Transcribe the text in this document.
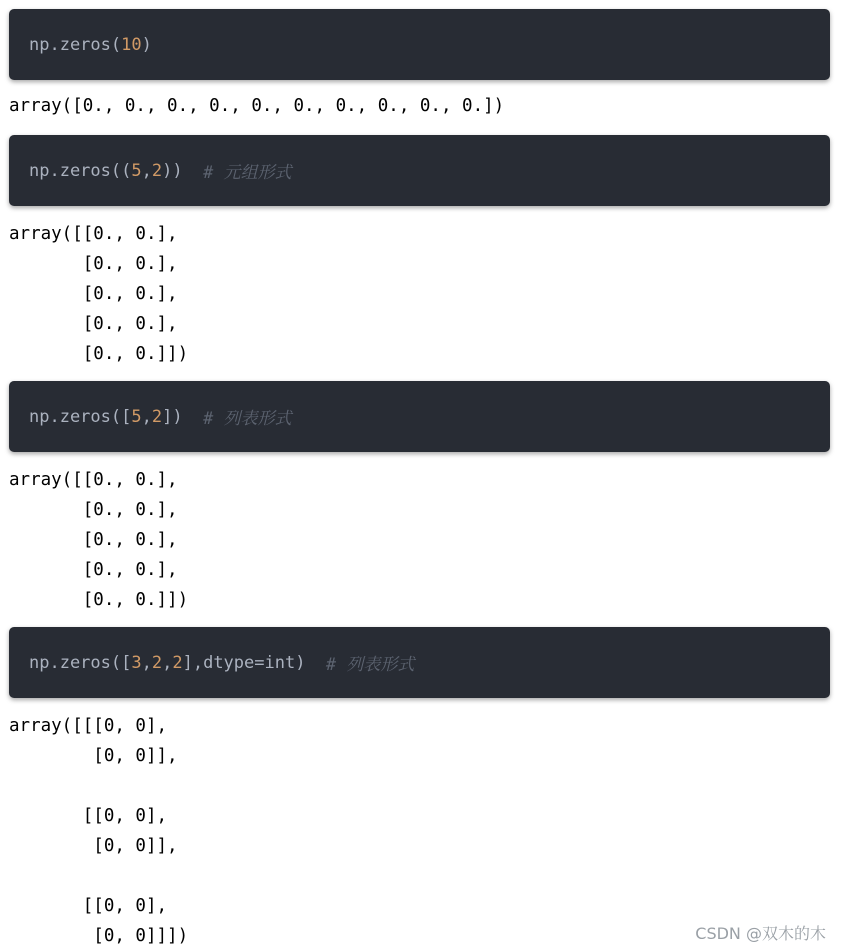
np.zeros( 10 )
array([0., 0., 0., 0., 0., 0., 0., 0., 0., 0.])
np.zeros(( 5 , 2 )) # 元组形式
array([[0., 0.],
[0., 0.],
[0., 0.],
[0., 0.],
[0., 0.]])
np.zeros([ 5 , 2 ]) # 列表形式
array([[0., 0.],
[0., 0.],
[0., 0.],
[0., 0.],
[0., 0.]])
np.zeros([ 3 , 2 , 2 ],dtype=int) # 列表形式
array([[[0, 0],
[0, 0]],

[[0, 0],
[0, 0]],

[[0, 0],
[0, 0]]])	CSDN @双木的木
